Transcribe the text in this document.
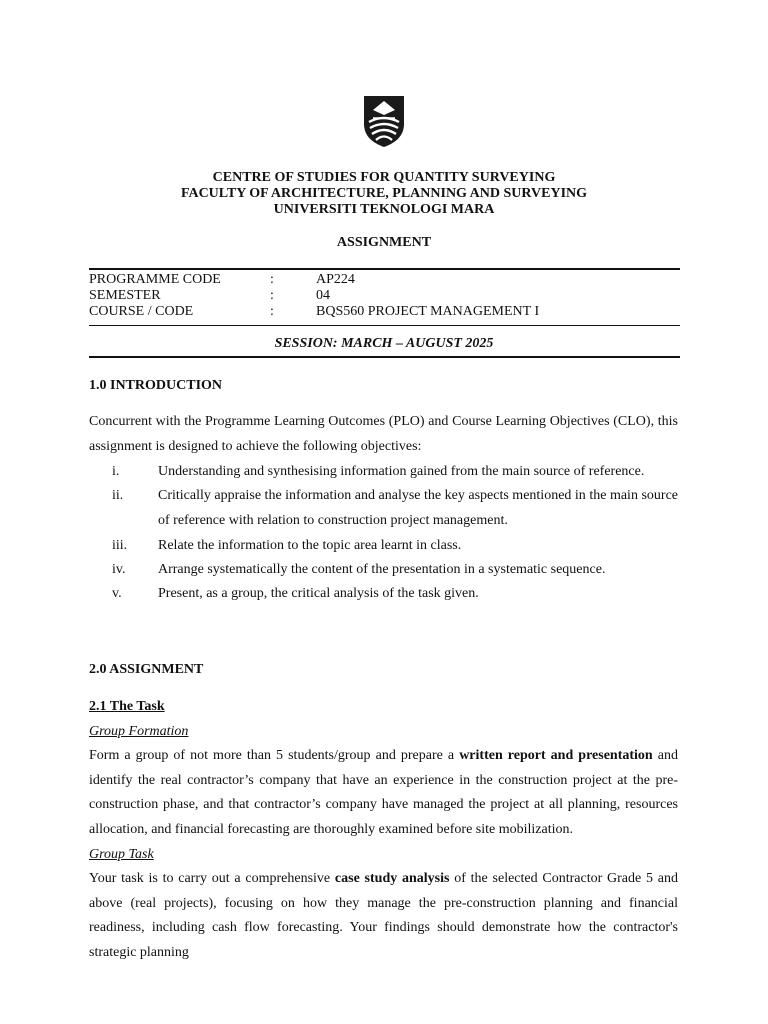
CENTRE OF STUDIES FOR QUANTITY SURVEYING
FACULTY OF ARCHITECTURE, PLANNING AND SURVEYING
UNIVERSITI TEKNOLOGI MARA
ASSIGNMENT
PROGRAMME CODE	:	AP224
SEMESTER	:	04
COURSE / CODE	:	BQS560 PROJECT MANAGEMENT I
SESSION: MARCH – AUGUST 2025
1.0 INTRODUCTION

Concurrent with the Programme Learning Outcomes (PLO) and Course Learning Objectives (CLO), this assignment is designed to achieve the following objectives:

i.	Understanding and synthesising information gained from the main source of reference.
ii. Critically appraise the information and analyse the key aspects mentioned in the main source of reference with relation to construction project management.
iii. Relate the information to the topic area learnt in class.
iv. Arrange systematically the content of the presentation in a systematic sequence.
v.	Present, as a group, the critical analysis of the task given.
2.0 ASSIGNMENT
2.1 The Task
Group Formation

Form a group of not more than 5 students/group and prepare a written report and presentation and identify the real contractor’s company that have an experience in the construction project at the pre-construction phase, and that contractor’s company have managed the project at all planning, resources allocation, and financial forecasting are thoroughly examined before site mobilization.

Group Task

Your task is to carry out a comprehensive case study analysis of the selected Contractor Grade 5 and above (real projects), focusing on how they manage the pre-construction planning and financial readiness, including cash flow forecasting. Your findings should demonstrate how the contractor's strategic planning
